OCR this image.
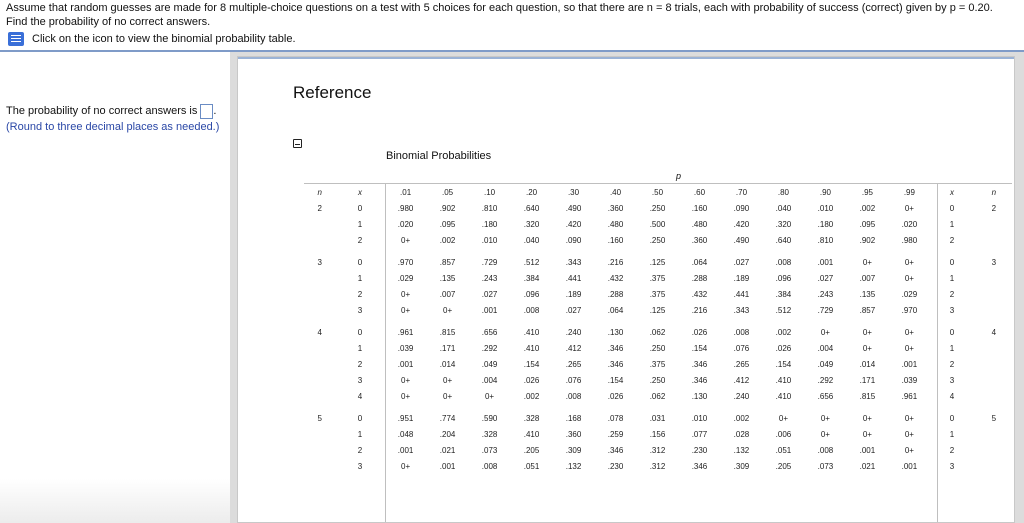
Assume that random guesses are made for 8 multiple-choice questions on a test with 5 choices for each question, so that there are n = 8 trials, each with probability of success (correct) given by p = 0.20. Find the probability of no correct answers.
Click on the icon to view the binomial probability table.
The probability of no correct answers is .
(Round to three decimal places as needed.)
Reference
Binomial Probabilities
p
n	x	.01	.05	.10	.20	.30	.40	.50	.60	.70	.80	.90	.95	.99	x	n
2	0	.980	.902	.810	.640	.490	.360	.250	.160	.090	.040	.010	.002	0+	0	2
	1	.020	.095	.180	.320	.420	.480	.500	.480	.420	.320	.180	.095	.020	1	
	2	0+	.002	.010	.040	.090	.160	.250	.360	.490	.640	.810	.902	.980	2	

3	0	.970	.857	.729	.512	.343	.216	.125	.064	.027	.008	.001	0+	0+	0	3
	1	.029	.135	.243	.384	.441	.432	.375	.288	.189	.096	.027	.007	0+	1	
	2	0+	.007	.027	.096	.189	.288	.375	.432	.441	.384	.243	.135	.029	2	
	3	0+	0+	.001	.008	.027	.064	.125	.216	.343	.512	.729	.857	.970	3	

4	0	.961	.815	.656	.410	.240	.130	.062	.026	.008	.002	0+	0+	0+	0	4
	1	.039	.171	.292	.410	.412	.346	.250	.154	.076	.026	.004	0+	0+	1	
	2	.001	.014	.049	.154	.265	.346	.375	.346	.265	.154	.049	.014	.001	2	
	3	0+	0+	.004	.026	.076	.154	.250	.346	.412	.410	.292	.171	.039	3	
	4	0+	0+	0+	.002	.008	.026	.062	.130	.240	.410	.656	.815	.961	4	

5	0	.951	.774	.590	.328	.168	.078	.031	.010	.002	0+	0+	0+	0+	0	5
	1	.048	.204	.328	.410	.360	.259	.156	.077	.028	.006	0+	0+	0+	1	
	2	.001	.021	.073	.205	.309	.346	.312	.230	.132	.051	.008	.001	0+	2	
	3	0+	.001	.008	.051	.132	.230	.312	.346	.309	.205	.073	.021	.001	3	
